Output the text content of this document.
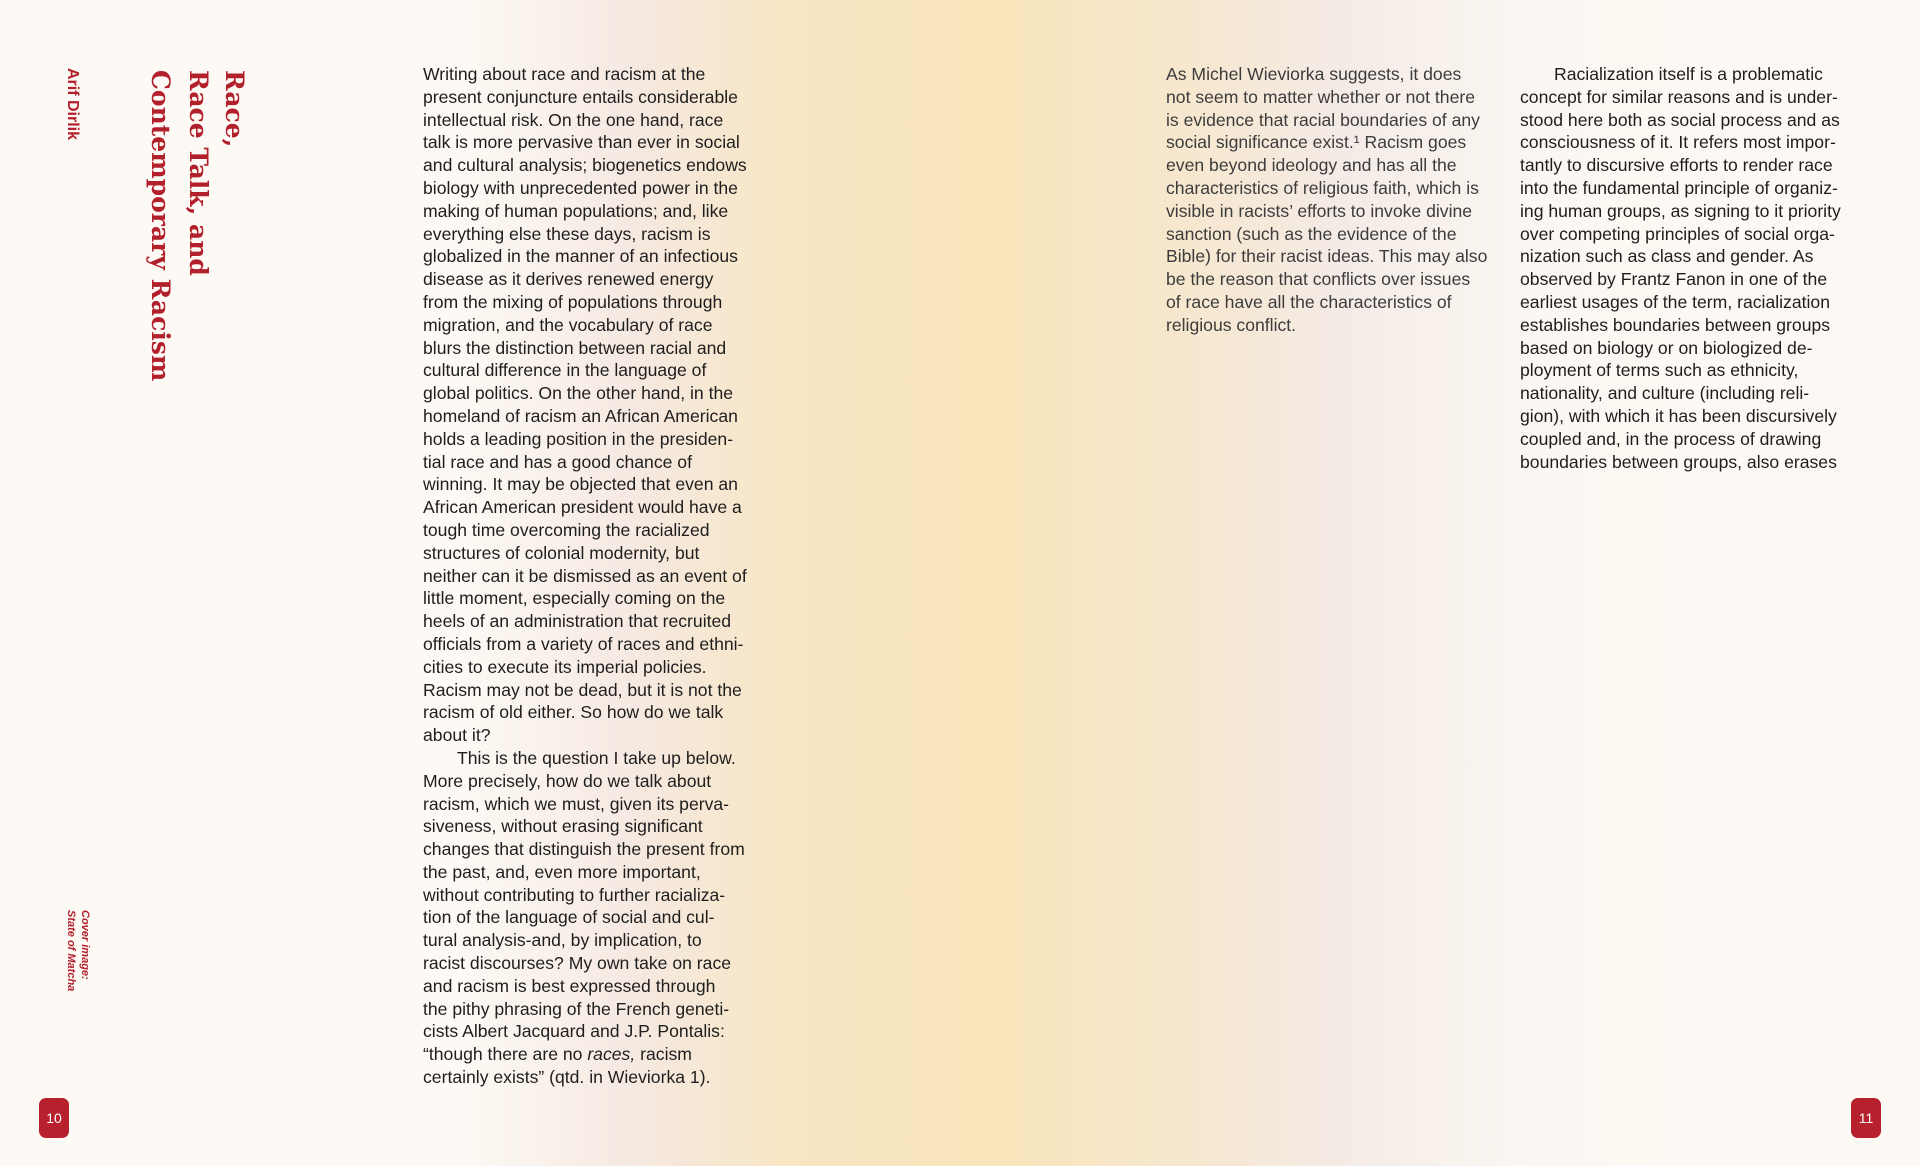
Race,
Race Talk, and
Contemporary Racism
Arif Dirlik
Cover image:
State of Matcha
10

Writing about race and racism at the
present conjuncture entails considerable
intellectual risk. On the one hand, race
talk is more pervasive than ever in social
and cultural analysis; biogenetics endows
biology with unprecedented power in the
making of human populations; and, like
everything else these days, racism is
globalized in the manner of an infectious
disease as it derives renewed energy
from the mixing of populations through
migration, and the vocabulary of race
blurs the distinction between racial and
cultural difference in the language of
global politics. On the other hand, in the
homeland of racism an African American
holds a leading position in the presiden-
tial race and has a good chance of
winning. It may be objected that even an
African American president would have a
tough time overcoming the racialized
structures of colonial modernity, but
neither can it be dismissed as an event of
little moment, especially coming on the
heels of an administration that recruited
officials from a variety of races and ethni-
cities to execute its imperial policies.
Racism may not be dead, but it is not the
racism of old either. So how do we talk
about it?

This is the question I take up below.
More precisely, how do we talk about
racism, which we must, given its perva-
siveness, without erasing significant
changes that distinguish the present from
the past, and, even more important,
without contributing to further racializa-
tion of the language of social and cul-
tural analysis-and, by implication, to
racist discourses? My own take on race
and racism is best expressed through
the pithy phrasing of the French geneti-
cists Albert Jacquard and J.P. Pontalis:

“though there are no races, racism

certainly exists” (qtd. in Wieviorka 1).

As Michel Wieviorka suggests, it does
not seem to matter whether or not there
is evidence that racial boundaries of any
social significance exist.¹ Racism goes
even beyond ideology and has all the
characteristics of religious faith, which is
visible in racists’ efforts to invoke divine
sanction (such as the evidence of the
Bible) for their racist ideas. This may also
be the reason that conflicts over issues
of race have all the characteristics of
religious conflict.

Racialization itself is a problematic
concept for similar reasons and is under-
stood here both as social process and as
consciousness of it. It refers most impor-
tantly to discursive efforts to render race
into the fundamental principle of organiz-
ing human groups, as signing to it priority
over competing principles of social orga-
nization such as class and gender. As
observed by Frantz Fanon in one of the
earliest usages of the term, racialization
establishes boundaries between groups
based on biology or on biologized de-
ployment of terms such as ethnicity,
nationality, and culture (including reli-
gion), with which it has been discursively
coupled and, in the process of drawing
boundaries between groups, also erases

11
